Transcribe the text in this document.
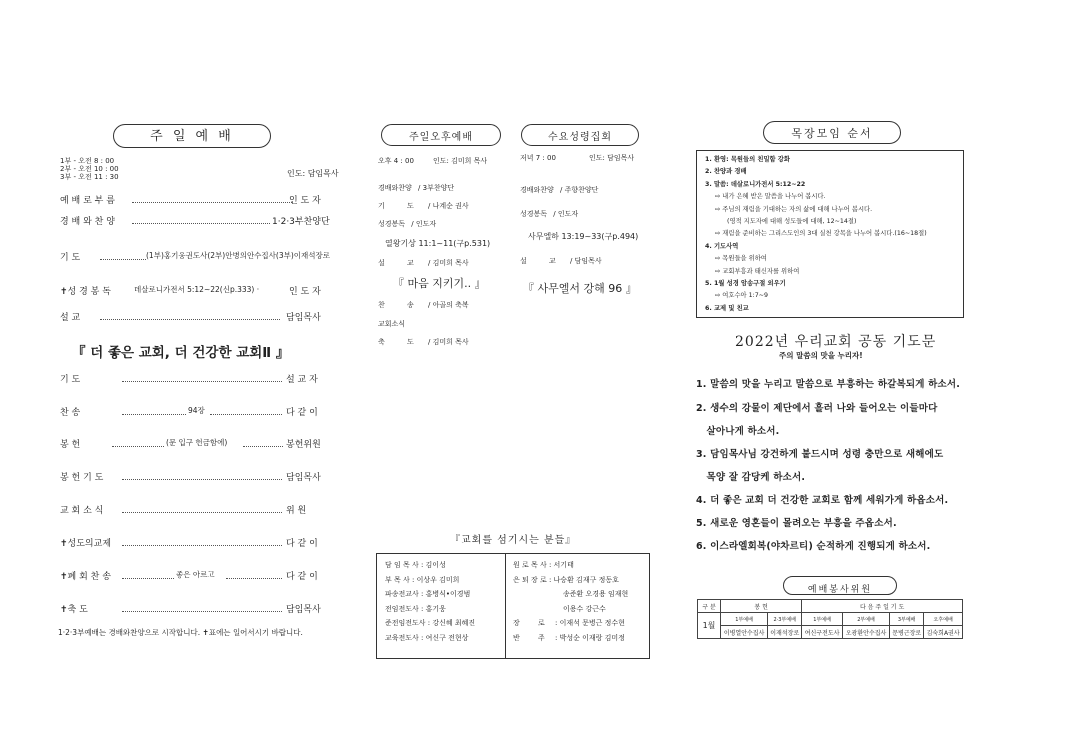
주 일 예 배
1부 - 오전 8 : 00
2부 - 오전 10 : 00
3부 - 오전 11 : 30	인도: 담임목사
예 배 로 부 름	인 도 자
경 배 와 찬 양	1·2·3부찬양단
기 도	(1부)홍기웅권도사(2부)안병의안수집사(3부)이재석장로
✝성 경 봉 독	데살로니가전서 5:12~22(신p.333) ·	인 도 자
설 교	담임목사
『 더 좋은 교회, 더 건강한 교회Ⅱ 』
기 도	설 교 자
찬 송	94장	다 같 이
봉 헌	(문 입구 헌금함에)	봉헌위원
봉 헌 기 도	담임목사
교 회 소 식	위 원
✝성도의교제	다 같 이
✝폐 회 찬 송	좋은 아르고	다 같 이
✝축 도	담임목사
1·2·3부예배는 경배와찬양으로 시작합니다. ✝표에는 일어서시기 바랍니다.
주일오후예배	수요성령집회
오후 4 : 00	인도: 김미희 목사
경배와찬양 / 3부찬양단
기 도 / 나계순 권사
성경봉독 / 인도자
열왕기상 11:1~11(구p.531)
설 교 / 김미희 목사
『 마음 지키기.. 』
찬 송 / 아골의 축복
교회소식
축 도 / 김미희 목사
저녁 7 : 00	인도: 담임목사
경배와찬양 / 주향찬양단
성경봉독 / 인도자
사무엘하 13:19~33(구p.494)
설 교 / 담임목사
『 사무엘서 강해 96 』
『교회를 섬기시는 분들』
담 임 목 사 : 김이성
부 목 사 : 이상우 김미희
파송전교사 : 홍병식•이경범
전임전도사 : 홍기웅
준전임전도사 : 강신혜 최혜진
교육전도사 : 여신구 전현상
원 로 목 사 : 서기태
은 퇴 장 로 : 나승환 김재구 정동호
송준환 오경용 임재현
이용수 강근수
장 로 : 이재석 문병근 정수현
반 주 : 박성순 이재랑 김미정
목장모임 순서
1. 환영: 목원들의 친밀함 강화
2. 찬양과 경배
3. 말씀: 데살로니가전서 5:12~22
⇨ 내가 은혜 받은 말씀을 나누어 봅시다.
⇨ 주님의 재림을 기대하는 자의 삶에 대해 나누어 봅시다.
(영적 지도자에 대해 성도들에 대해, 12~14절)
⇨ 재림을 준비하는 그리스도인의 3대 실천 강목을 나누어 봅시다.(16~18절)
4. 기도사역
⇨ 목원들을 위하여
⇨ 교회부흥과 태신자를 위하여
5. 1월 성경 암송구절 외우기
⇨ 여호수아 1:7~9
6. 교제 및 친교
2022년 우리교회 공동 기도문
주의 말씀의 맛을 누리자!
1. 말씀의 맛을 누리고 말씀으로 부흥하는 하갈복되게 하소서.
2. 생수의 강물이 제단에서 흘러 나와 들어오는 이들마다
살아나게 하소서.
3. 담임목사님 강건하게 붙드시며 성령 충만으로 새해에도
목양 잘 감당케 하소서.
4. 더 좋은 교회 더 건강한 교회로 함께 세워가게 하옵소서.
5. 새로운 영혼들이 몰려오는 부흥을 주옵소서.
6. 이스라엘회복(야차르티) 순적하게 진행되게 하소서.
예배봉사위원
구 분	봉 헌		다 음 주 일 기 도			
1월	1부예배	2·3부예배	1부예배	2부예배	3부예배	오후예배
	이병열안수집사	이재석장로	여신구전도사	오광환안수집사	문병근장로	김숙희A권사
